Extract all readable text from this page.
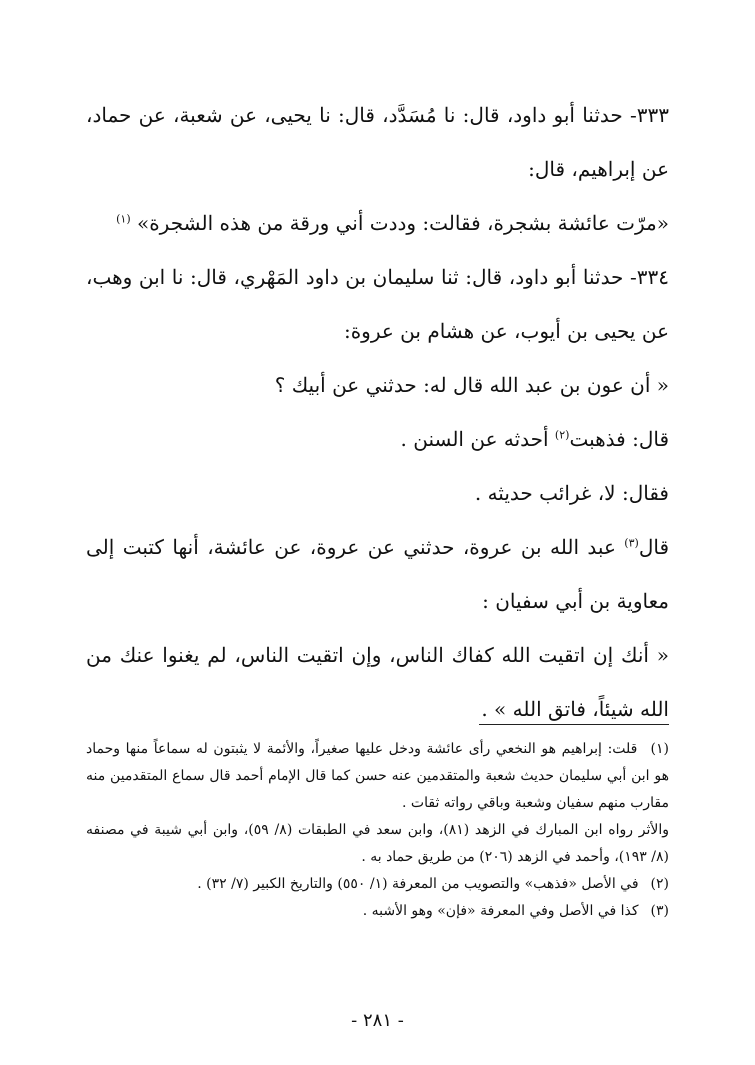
٣٣٣- حدثنا أبو داود، قال: نا مُسَدَّد، قال: نا يحيى، عن شعبة، عن حماد، عن إبراهيم، قال:

«مرّت عائشة بشجرة، فقالت: وددت أني ورقة من هذه الشجرة» $^{(١)}$

٣٣٤- حدثنا أبو داود، قال: ثنا سليمان بن داود المَهْري، قال: نا ابن وهب، عن يحيى بن أيوب، عن هشام بن عروة:

« أن عون بن عبد الله قال له: حدثني عن أبيك ؟

قال: فذهبت$^{(٢)}$ أحدثه عن السنن .

فقال: لا، غرائب حديثه .

قال$^{(٣)}$ عبد الله بن عروة، حدثني عن عروة، عن عائشة، أنها كتبت إلى معاوية بن أبي سفيان :

« أنك إن اتقيت الله كفاك الناس، وإن اتقيت الناس، لم يغنوا عنك من الله شيئاً، فاتق الله » .

(١) قلت: إبراهيم هو النخعي رأى عائشة ودخل عليها صغيراً، والأئمة لا يثبتون له سماعاً منها وحماد هو ابن أبي سليمان حديث شعبة والمتقدمين عنه حسن كما قال الإمام أحمد قال سماع المتقدمين منه مقارب منهم سفيان وشعبة وباقي رواته ثقات .

والأثر رواه ابن المبارك في الزهد (٨١)، وابن سعد في الطبقات (٨/ ٥٩)، وابن أبي شيبة في مصنفه (٨/ ١٩٣)، وأحمد في الزهد (٢٠٦) من طريق حماد به .

(٢) في الأصل «فذهب» والتصويب من المعرفة (١/ ٥٥٠) والتاريخ الكبير (٧/ ٣٢) .

(٣) كذا في الأصل وفي المعرفة «فإن» وهو الأشبه .

- ٢٨١ -
